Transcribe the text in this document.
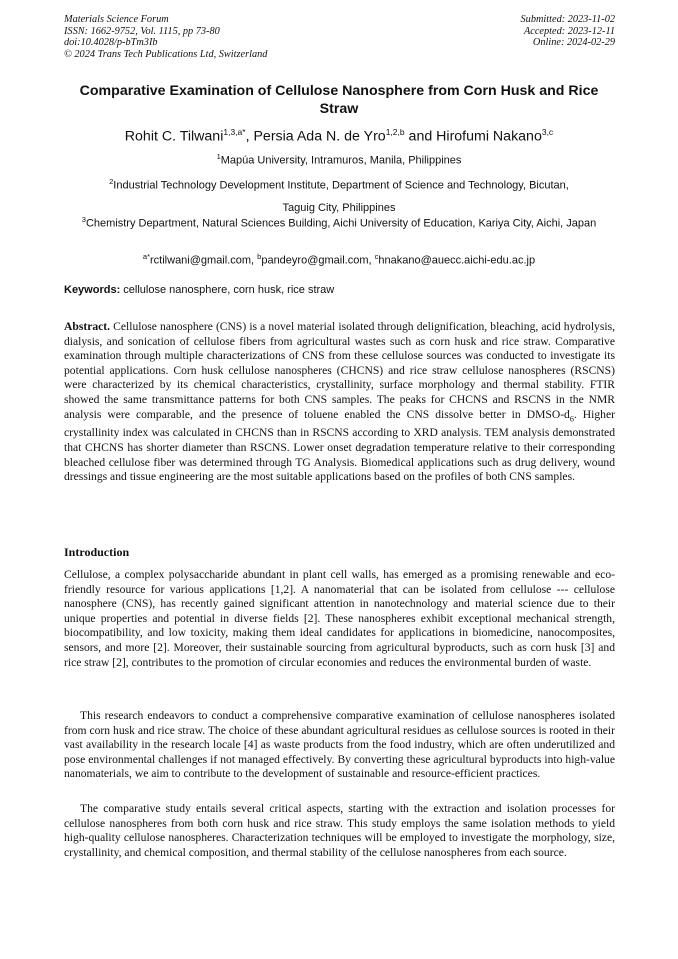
Materials Science Forum
ISSN: 1662-9752, Vol. 1115, pp 73-80
doi:10.4028/p-bTm3Ib
© 2024 Trans Tech Publications Ltd, Switzerland
Submitted: 2023-11-02
Accepted: 2023-12-11
Online: 2024-02-29
Comparative Examination of Cellulose Nanosphere from Corn Husk and Rice Straw
Rohit C. Tilwani$^{1,3,a*}$, Persia Ada N. de Yro$^{1,2,b}$ and Hirofumi Nakano$^{3,c}$
$^1$Mapúa University, Intramuros, Manila, Philippines
$^2$Industrial Technology Development Institute, Department of Science and Technology, Bicutan,
Taguig City, Philippines
$^3$Chemistry Department, Natural Sciences Building, Aichi University of Education, Kariya City, Aichi, Japan
$^{a*}$rctilwani@gmail.com, $^b$pandeyro@gmail.com, $^c$hnakano@auecc.aichi-edu.ac.jp
Keywords: cellulose nanosphere, corn husk, rice straw

Abstract. Cellulose nanosphere (CNS) is a novel material isolated through delignification, bleaching, acid hydrolysis, dialysis, and sonication of cellulose fibers from agricultural wastes such as corn husk and rice straw. Comparative examination through multiple characterizations of CNS from these cellulose sources was conducted to investigate its potential applications. Corn husk cellulose nanospheres (CHCNS) and rice straw cellulose nanospheres (RSCNS) were characterized by its chemical characteristics, crystallinity, surface morphology and thermal stability. FTIR showed the same transmittance patterns for both CNS samples. The peaks for CHCNS and RSCNS in the NMR analysis were comparable, and the presence of toluene enabled the CNS dissolve better in DMSO-$d_6$. Higher crystallinity index was calculated in CHCNS than in RSCNS according to XRD analysis. TEM analysis demonstrated that CHCNS has shorter diameter than RSCNS. Lower onset degradation temperature relative to their corresponding bleached cellulose fiber was determined through TG Analysis. Biomedical applications such as drug delivery, wound dressings and tissue engineering are the most suitable applications based on the profiles of both CNS samples.

Introduction

Cellulose, a complex polysaccharide abundant in plant cell walls, has emerged as a promising renewable and eco-friendly resource for various applications [1,2]. A nanomaterial that can be isolated from cellulose --- cellulose nanosphere (CNS), has recently gained significant attention in nanotechnology and material science due to their unique properties and potential in diverse fields [2]. These nanospheres exhibit exceptional mechanical strength, biocompatibility, and low toxicity, making them ideal candidates for applications in biomedicine, nanocomposites, sensors, and more [2]. Moreover, their sustainable sourcing from agricultural byproducts, such as corn husk [3] and rice straw [2], contributes to the promotion of circular economies and reduces the environmental burden of waste.

This research endeavors to conduct a comprehensive comparative examination of cellulose nanospheres isolated from corn husk and rice straw. The choice of these abundant agricultural residues as cellulose sources is rooted in their vast availability in the research locale [4] as waste products from the food industry, which are often underutilized and pose environmental challenges if not managed effectively. By converting these agricultural byproducts into high-value nanomaterials, we aim to contribute to the development of sustainable and resource-efficient practices.

The comparative study entails several critical aspects, starting with the extraction and isolation processes for cellulose nanospheres from both corn husk and rice straw. This study employs the same isolation methods to yield high-quality cellulose nanospheres. Characterization techniques will be employed to investigate the morphology, size, crystallinity, and chemical composition, and thermal stability of the cellulose nanospheres from each source.
